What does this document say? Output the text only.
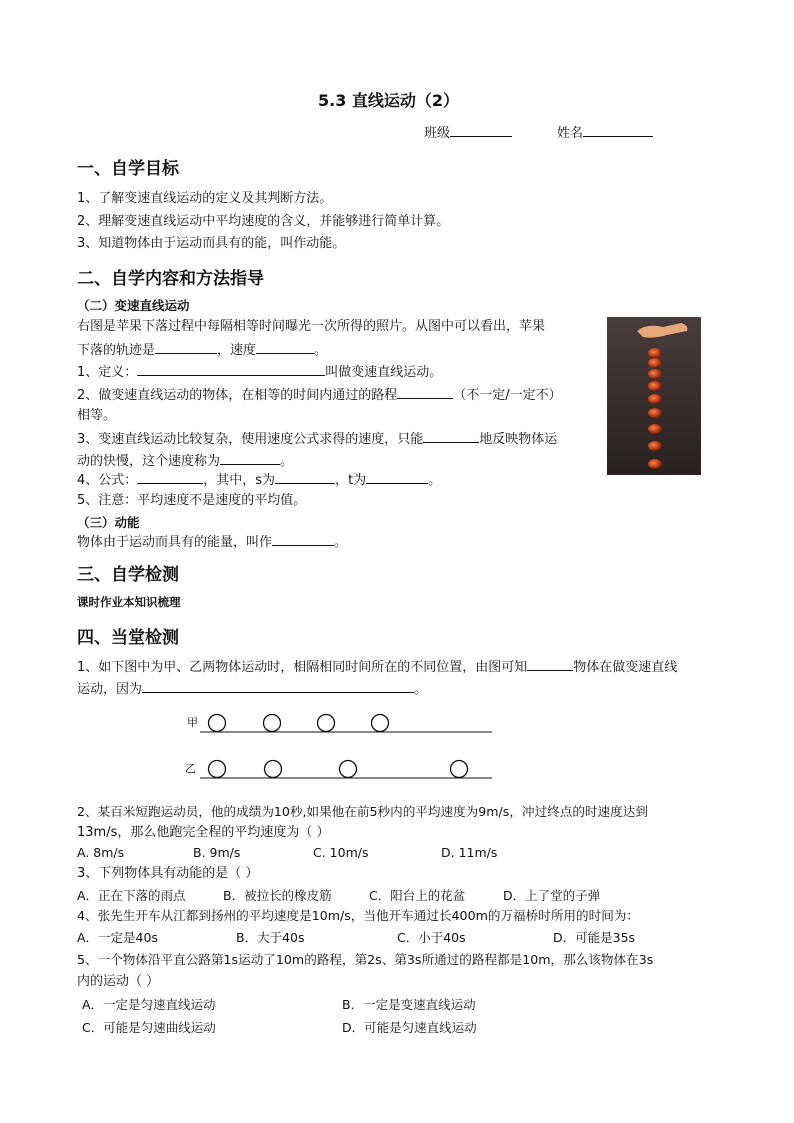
5.3 直线运动（2）
班级	姓名
一、自学目标
1、了解变速直线运动的定义及其判断方法。
2、理解变速直线运动中平均速度的含义，并能够进行简单计算。
3、知道物体由于运动而具有的能，叫作动能。
二、自学内容和方法指导
（二）变速直线运动
右图是苹果下落过程中每隔相等时间曝光一次所得的照片。从图中可以看出，苹果
下落的轨迹是	，速度	。
1、定义：	叫做变速直线运动。
2、做变速直线运动的物体，在相等的时间内通过的路程	（不一定/一定不）
相等。
3、变速直线运动比较复杂，使用速度公式求得的速度，只能	地反映物体运
动的快慢，这个速度称为	。
4、公式：	，其中，s为	，t为	。
5、注意：平均速度不是速度的平均值。
（三）动能
物体由于运动而具有的能量，叫作	。
三、自学检测
课时作业本知识梳理
四、当堂检测
1、如下图中为甲、乙两物体运动时，相隔相同时间所在的不同位置，由图可知	物体在做变速直线
运动，因为	。
甲
乙
2、某百米短跑运动员，他的成绩为10秒,如果他在前5秒内的平均速度为9m/s，冲过终点的时速度达到
13m/s，那么他跑完全程的平均速度为（ ）
A. 8m/s	B. 9m/s	C. 10m/s	D. 11m/s
3、下列物体具有动能的是（ ）
A．正在下落的雨点	B．被拉长的橡皮筋	C．阳台上的花盆	D．上了堂的子弹
4、张先生开车从江都到扬州的平均速度是10m/s，当他开车通过长400m的万福桥时所用的时间为：
A．一定是40s	B．大于40s	C．小于40s	D．可能是35s
5、一个物体沿平直公路第1s运动了10m的路程，第2s、第3s所通过的路程都是10m，那么该物体在3s
内的运动（ ）
A．一定是匀速直线运动	B．一定是变速直线运动
C．可能是匀速曲线运动	D．可能是匀速直线运动
